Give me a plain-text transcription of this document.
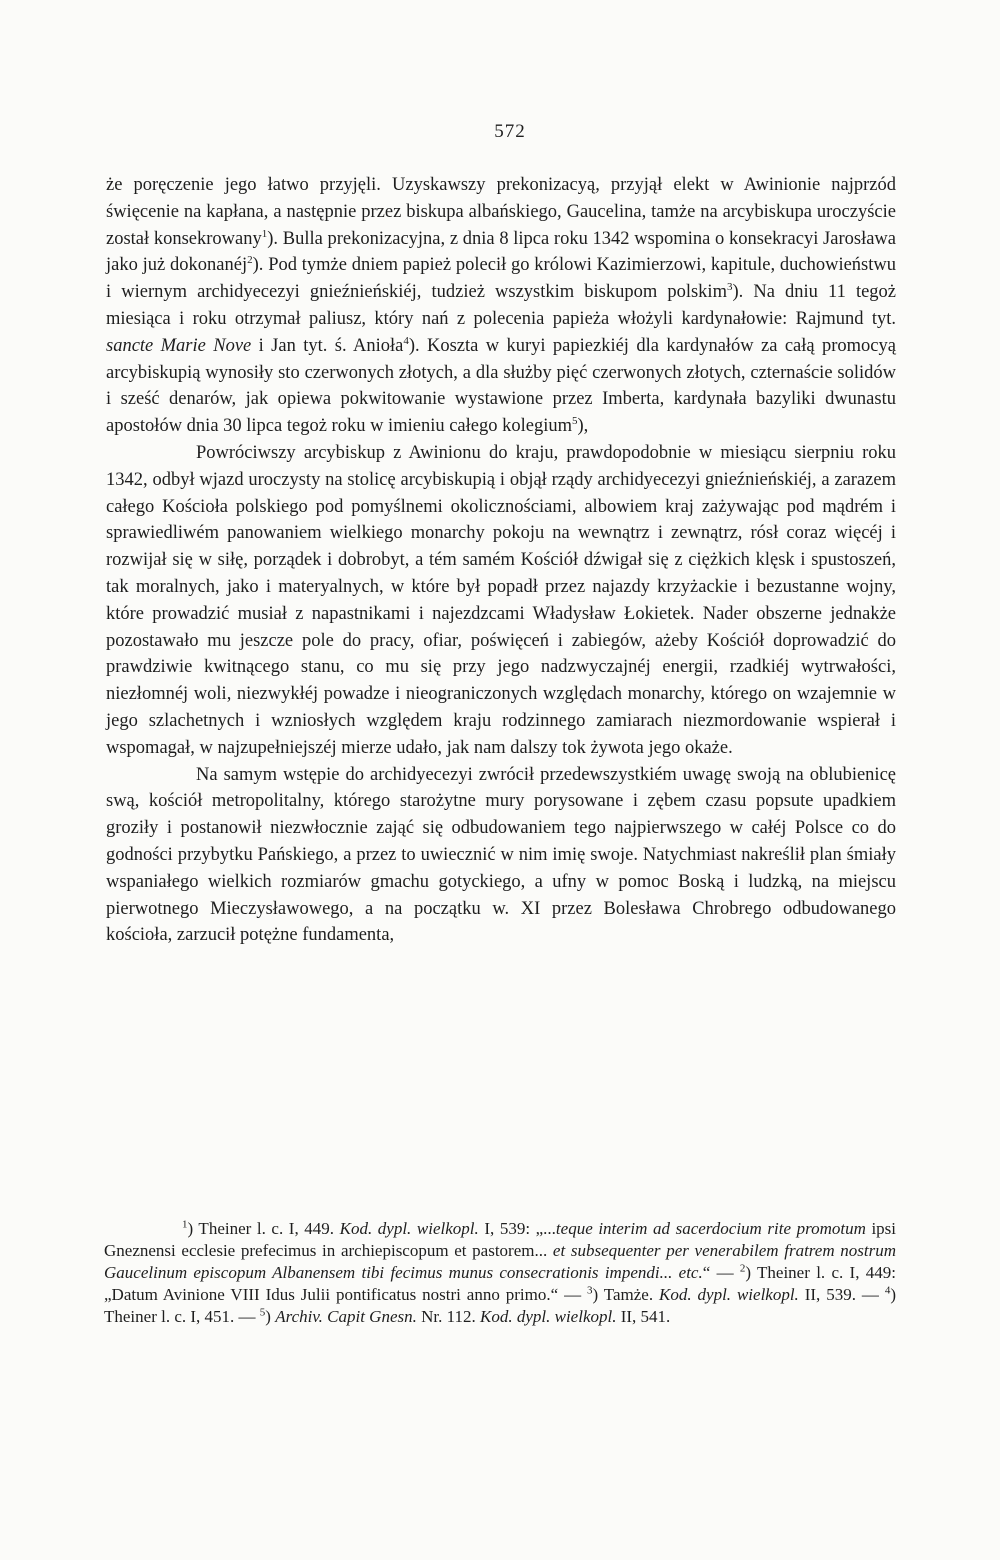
572

że poręczenie jego łatwo przyjęli. Uzyskawszy prekonizacyą, przyjął elekt w Awinionie najprzód święcenie na kapłana, a następnie przez biskupa albańskiego, Gaucelina, tamże na arcybiskupa uroczyście został konsekrowany$^1$). Bulla prekonizacyjna, z dnia 8 lipca roku 1342 wspomina o konsekracyi Jarosława jako już dokonanéj$^2$). Pod tymże dniem papież polecił go królowi Kazimierzowi, kapitule, duchowieństwu i wiernym archidyecezyi gnieźnieńskiéj, tudzież wszystkim biskupom polskim$^3$). Na dniu 11 tegoż miesiąca i roku otrzymał paliusz, który nań z polecenia papieża włożyli kardynałowie: Rajmund tyt. sancte Marie Nove i Jan tyt. ś. Anioła$^4$). Koszta w kuryi papiezkiéj dla kardynałów za całą promocyą arcybiskupią wynosiły sto czerwonych złotych, a dla służby pięć czerwonych złotych, czternaście solidów i sześć denarów, jak opiewa pokwitowanie wystawione przez Imberta, kardynała bazyliki dwunastu apostołów dnia 30 lipca tegoż roku w imieniu całego kolegium$^5$),

Powróciwszy arcybiskup z Awinionu do kraju, prawdopodobnie w miesiącu sierpniu roku 1342, odbył wjazd uroczysty na stolicę arcybiskupią i objął rządy archidyecezyi gnieźnieńskiéj, a zarazem całego Kościoła polskiego pod pomyślnemi okolicznościami, albowiem kraj zażywając pod mądrém i sprawiedliwém panowaniem wielkiego monarchy pokoju na wewnątrz i zewnątrz, rósł coraz więcéj i rozwijał się w siłę, porządek i dobrobyt, a tém samém Kościół dźwigał się z ciężkich klęsk i spustoszeń, tak moralnych, jako i materyalnych, w które był popadł przez najazdy krzyżackie i bezustanne wojny, które prowadzić musiał z napastnikami i najezdzcami Władysław Łokietek. Nader obszerne jednakże pozostawało mu jeszcze pole do pracy, ofiar, poświęceń i zabiegów, ażeby Kościół doprowadzić do prawdziwie kwitnącego stanu, co mu się przy jego nadzwyczajnéj energii, rzadkiéj wytrwałości, niezłomnéj woli, niezwykłéj powadze i nieograniczonych względach monarchy, którego on wzajemnie w jego szlachetnych i wzniosłych względem kraju rodzinnego zamiarach niezmordowanie wspierał i wspomagał, w najzupełniejszéj mierze udało, jak nam dalszy tok żywota jego okaże.

Na samym wstępie do archidyecezyi zwrócił przedewszystkiém uwagę swoją na oblubienicę swą, kościół metropolitalny, którego starożytne mury porysowane i zębem czasu popsute upadkiem groziły i postanowił niezwłocznie zająć się odbudowaniem tego najpierwszego w całéj Polsce co do godności przybytku Pańskiego, a przez to uwiecznić w nim imię swoje. Natychmiast nakreślił plan śmiały wspaniałego wielkich rozmiarów gmachu gotyckiego, a ufny w pomoc Boską i ludzką, na miejscu pierwotnego Mieczysławowego, a na początku w. XI przez Bolesława Chrobrego odbudowanego kościoła, zarzucił potężne fundamenta,

$^1$) Theiner l. c. I, 449. Kod. dypl. wielkopl. I, 539: „...teque interim ad sacerdocium rite promotum ipsi Gneznensi ecclesie prefecimus in archiepiscopum et pastorem... et subsequenter per venerabilem fratrem nostrum Gaucelinum episcopum Albanensem tibi fecimus munus consecrationis impendi... etc.“ — $^2$) Theiner l. c. I, 449: „Datum Avinione VIII Idus Julii pontificatus nostri anno primo.“ — $^3$) Tamże. Kod. dypl. wielkopl. II, 539. — $^4$) Theiner l. c. I, 451. — $^5$) Archiv. Capit Gnesn. Nr. 112. Kod. dypl. wielkopl. II, 541.
